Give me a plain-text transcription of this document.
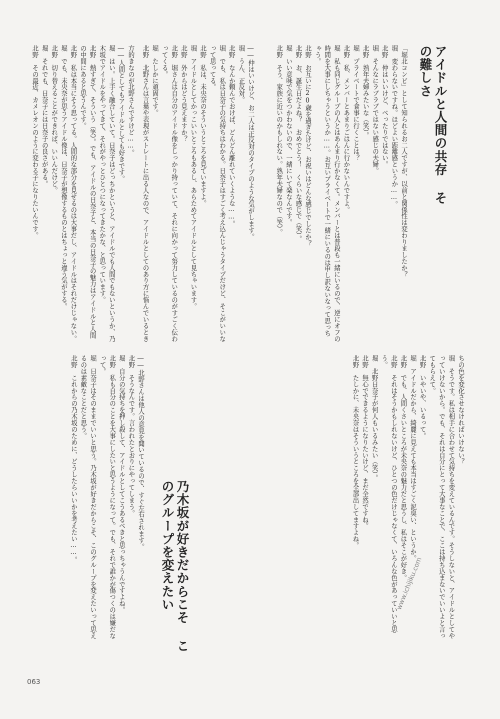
アイドルと人間の共存 その難しさ
「堀北コンビ」として知られるお二人ですが、以前と関係性は変わりましたか？
堀　変わらないですね。ほどよい距離感というか……。
北野　仲はいいけど、べったりではない。
堀　そんなにラブラブではない感じの夫婦。
北野　熟年夫婦みたいな（笑）。
堀　プライベートで食事に行くことは？
北野　私、メンバーとあまりごはんに行かないんですよ。
堀　私も同じグループの人とはあんまり行かなくて。メンバーとは普段も一緒にいるので、逆にオフの時間を大事にしちゃうというか……。お互いプライベートで一緒にいるのは申し訳ないなって思っちゃう。
北野　お互いに20歳を過ぎたけど、お祝いはどんな感じでしたか？
北野　お、誕生日だよね？　おめでとう！　くらいな感じで（笑）。
堀　いい意味で気をつかわないので、一緒にいて楽なんです。
北野　そう、家族に近いのかもしれない。熟年夫婦なので（笑）。
――仲はいいけど、お二人は正反対のタイプのような気がします。
堀　うん、正反対。
北野　なんか頼んでおけば、どんどん離れていくような……。
堀　でも、私は日奈子の気持ちはわかる。日奈子はすごく考え込んじゃうタイプだけど、そこがいいなって思ってる。
北野　私は、未央奈のそういうところを見ていますよ。
堀　アイドルとしてかっこいいところもあるし、あらためてアイドルとして見ちゃいます。
北野　外からはどう見えますか？
北野　堀さんは自分のアイドル像をしっかり持っていて、それに向かって努力しているのがすごく伝わってくる。
堀　たしかに頑固です。
北野　北野さんは言葉や表現がストレートに出る人なので、アイドルとしてのあり方に悩んでいるとき
方的きなのが北野さんですけど……。
――人間としてもアイドルとしても好きです。
堀　はい。上手く融合していて。日奈子はどっちかというと、アイドルでも人間でもないというか、乃木坂でアイドルをやってきて、それがやっとひとつになってきたかな、と思っています。
北野　熱すぎて、そういう（笑）。でも、アイドルの日奈子と、本当の日奈子の魅力はアイドルと人間の中間にあると思うんです。
北野　私は本当にそう思ってる。人間的な部分を見せるのは大事だし、アイドルはそれだけじゃない。
堀　でも、未央奈が思うアイドル像は、日奈子が想像するものとはちょっと違う気がする。
北野　切り替えることができれば、いいんだけど。
堀　それでも、日奈子には日奈子の良さがある。
北野　その最近、カメレオンのように変わる子になりたいんです。
ちの色を変化させなければいけない？
堀　そうです。私は相手に合わせて気持ちを変えているんです。そうしないと、アイドルとしてやっていけないから。でも、それは自分にとって大事なことで、ここは持ち込まないでいいよと言ってもらえて。
北野　いやいや、いるって。
堀　アイドルだから、綺麗に見えても本当はすごく泥臭い、というか。
北野　でも、人間くさいところが未央奈の魅力だと思うし、私はそこが好き。
北野　それはそうかもしれないけど、ひとつの色だけじゃなくて、いろんな色があっていいと思う。
堀　北野日奈子が何人もいるみたい（笑）。
北野　無心でできるようになりたいけど、まだ全然ですね。
北野　たしかに、未央奈はそういうところを全部出してますよね。
乃木坂が好きだからこそ このグループを変えたい
――北野さんは他人の意見を聞いているので、すぐ左右されます。
北野　そうなんです。言われたとおりにやってしまう。
堀　自分の気持ちを押し殺して、アイドルとしてこうあるべきと思っちゃうんですよね。
北野　私も自分のことを大事にしたいと思うようになって。でも、それで誰かが傷つくのは嫌だなって。
堀　日奈子はそのままでいいと思う。乃木坂が好きだからこそ、このグループを変えたいって思えるのは素敵なことだと思う。
北野　これからの乃木坂のために、どうしたらいいかを考えたい……。
063
www.ichijiku.com
